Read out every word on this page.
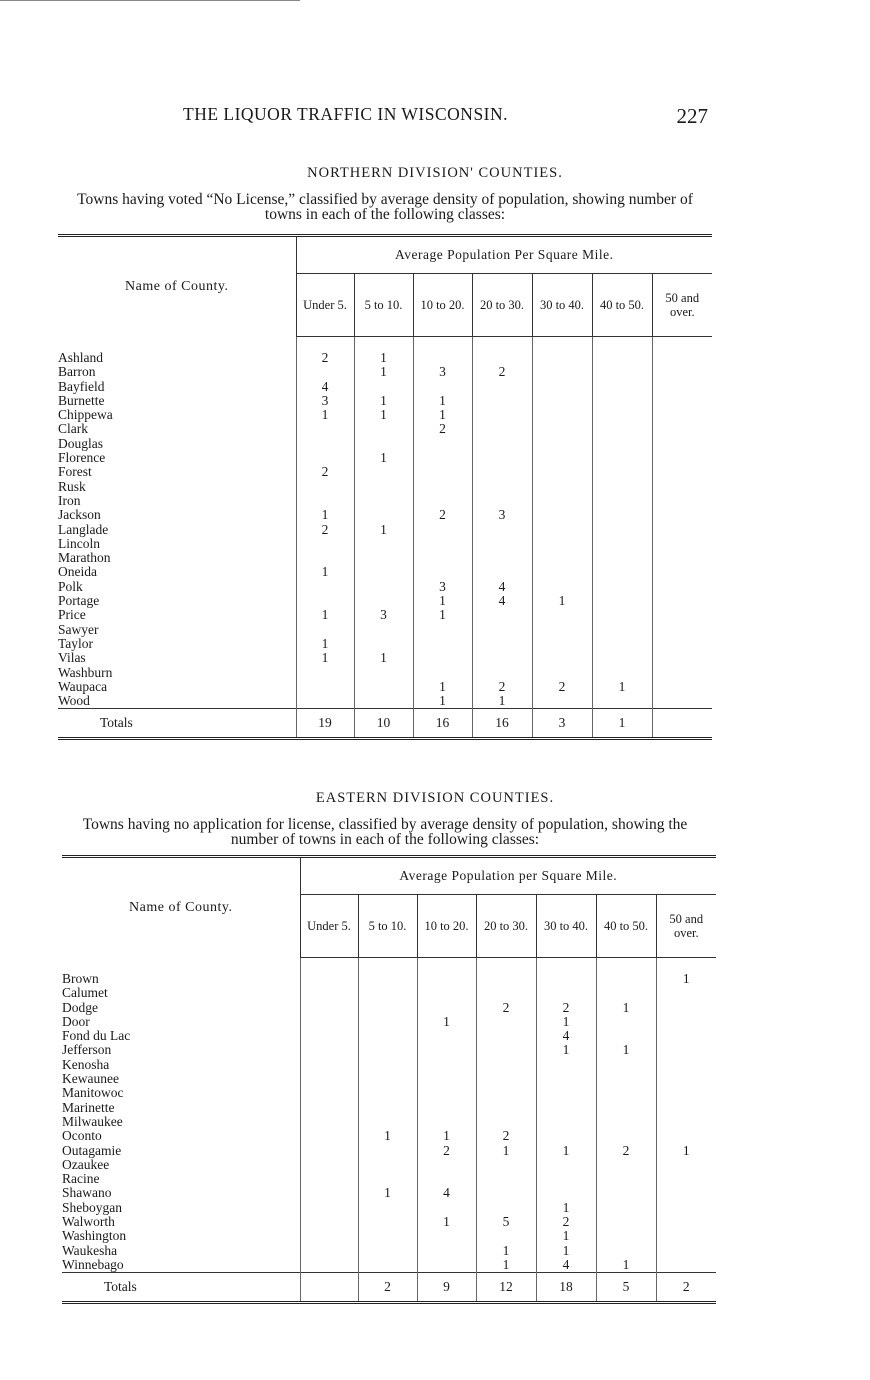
THE LIQUOR TRAFFIC IN WISCONSIN.	227
NORTHERN DIVISION' COUNTIES.
Towns having voted “No License,” classified by average density of population, showing number of towns in each of the following classes:
Name of County.	Average Population Per Square Mile.						
	Under 5.	5 to 10.	10 to 20.	20 to 30.	30 to 40.	40 to 50.	50 and over.

Ashland	2	1					
Barron		1	3	2			
Bayfield	4						
Burnette	3	1	1				
Chippewa	1	1	1				
Clark			2				
Douglas							
Florence		1					
Forest	2						
Rusk							
Iron							
Jackson	1		2	3			
Langlade	2	1					
Lincoln							
Marathon							
Oneida	1						
Polk			3	4			
Portage			1	4	1		
Price	1	3	1				
Sawyer							
Taylor	1						
Vilas	1	1					
Washburn							
Waupaca			1	2	2	1	
Wood			1	1			
Totals	19	10	16	16	3	1	
EASTERN DIVISION COUNTIES.
Towns having no application for license, classified by average density of population, showing the number of towns in each of the following classes:
Name of County.	Average Population per Square Mile.						
	Under 5.	5 to 10.	10 to 20.	20 to 30.	30 to 40.	40 to 50.	50 and over.

Brown							1
Calumet							
Dodge				2	2	1	
Door			1		1		
Fond du Lac					4		
Jefferson					1	1	
Kenosha							
Kewaunee							
Manitowoc							
Marinette							
Milwaukee							
Oconto		1	1	2			
Outagamie			2	1	1	2	1
Ozaukee							
Racine							
Shawano		1	4				
Sheboygan					1		
Walworth			1	5	2		
Washington					1		
Waukesha				1	1		
Winnebago				1	4	1	
Totals		2	9	12	18	5	2
